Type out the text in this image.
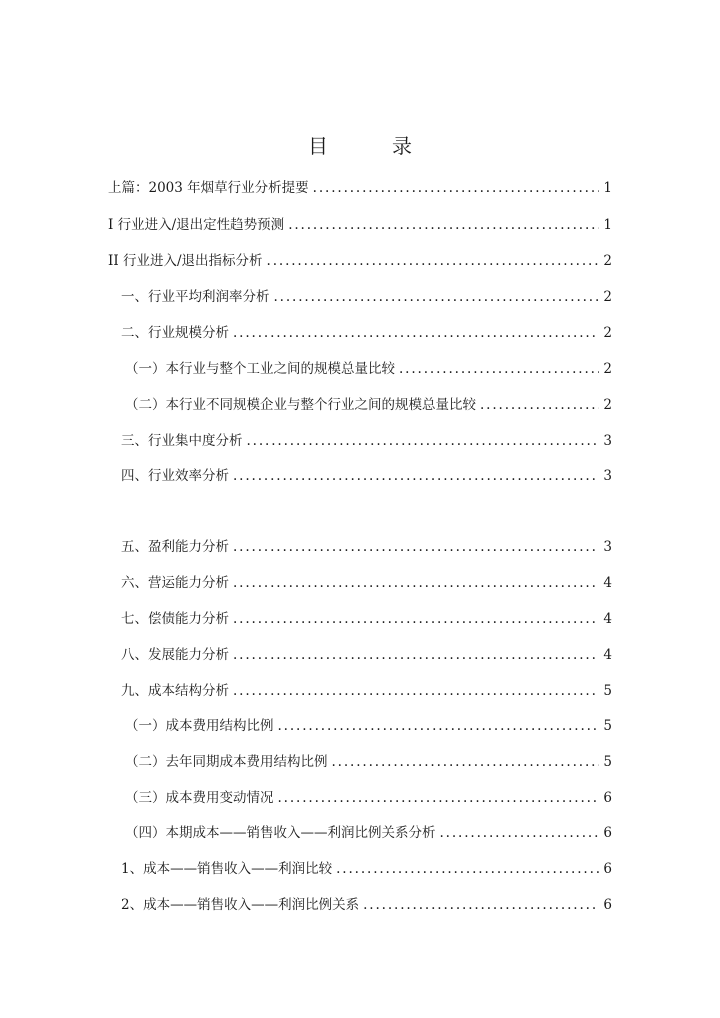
目　录
上篇：2003 年烟草行业分析提要 . . .	1
I 行业进入/退出定性趋势预测 . . .	1
II 行业进入/退出指标分析 . . .	2
一、行业平均利润率分析 . . .	2
二、行业规模分析 . . .	2
（一）本行业与整个工业之间的规模总量比较 . . .	2
（二）本行业不同规模企业与整个行业之间的规模总量比较 . . .	2
三、行业集中度分析 . . .	3
四、行业效率分析 . . .	3
五、盈利能力分析 . . .	3
六、营运能力分析 . . .	4
七、偿债能力分析 . . .	4
八、发展能力分析 . . .	4
九、成本结构分析 . . .	5
（一）成本费用结构比例 . . .	5
（二）去年同期成本费用结构比例 . . .	5
（三）成本费用变动情况 . . .	6
（四）本期成本——销售收入——利润比例关系分析 . . .	6
1、成本——销售收入——利润比较 . . .	6
2、成本——销售收入——利润比例关系 . . .	6
